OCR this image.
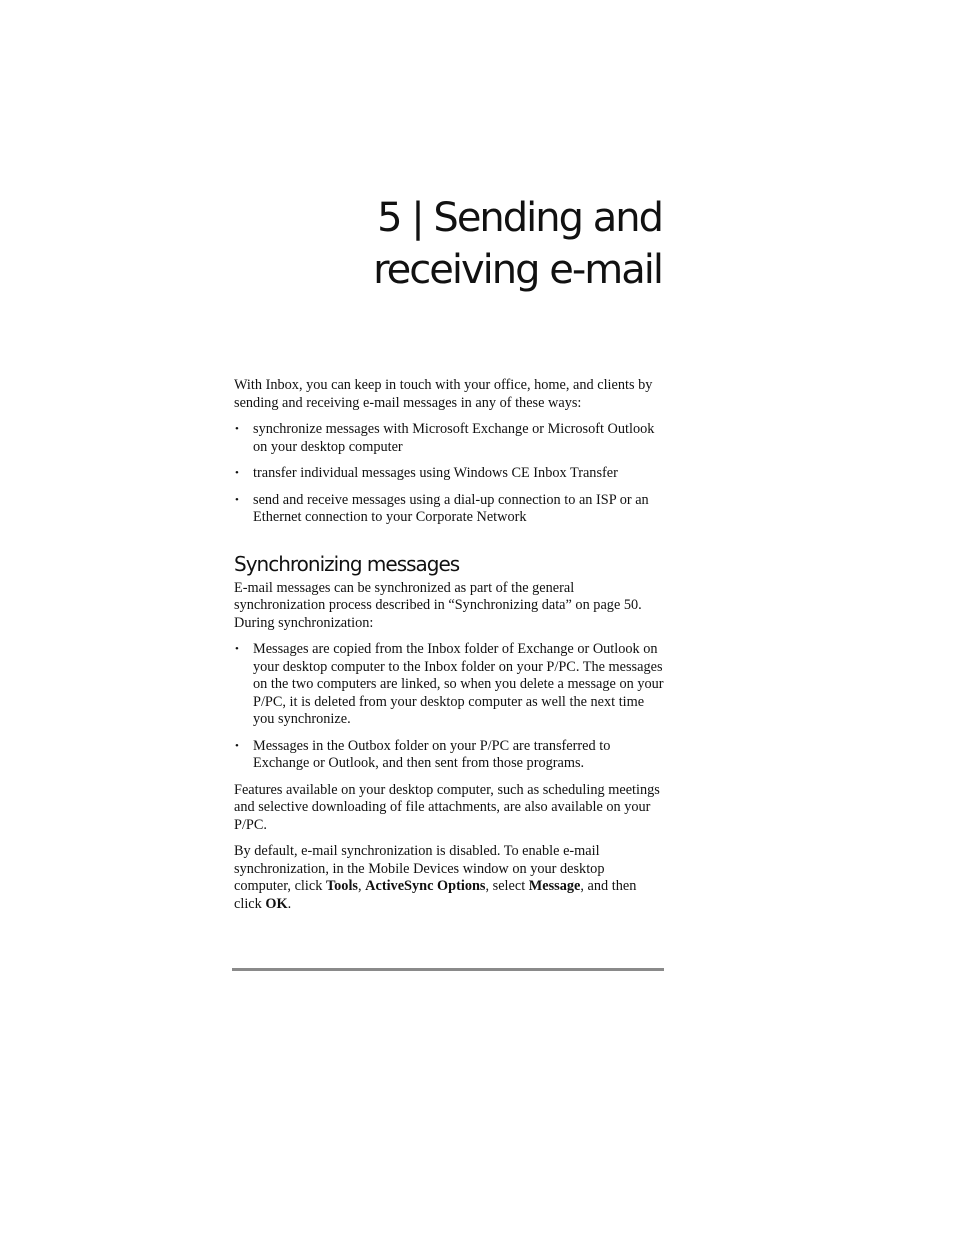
5 | Sending and
receiving e-mail

With Inbox, you can keep in touch with your office, home, and clients by sending and receiving e-mail messages in any of these ways:

• synchronize messages with Microsoft Exchange or Microsoft Outlook on your desktop computer
• transfer individual messages using Windows CE Inbox Transfer
• send and receive messages using a dial-up connection to an ISP or an Ethernet connection to your Corporate Network
Synchronizing messages

E-mail messages can be synchronized as part of the general synchronization process described in “Synchronizing data” on page 50. During synchronization:

• Messages are copied from the Inbox folder of Exchange or Outlook on your desktop computer to the Inbox folder on your P/PC. The messages on the two computers are linked, so when you delete a message on your P/PC, it is deleted from your desktop computer as well the next time you synchronize.
• Messages in the Outbox folder on your P/PC are transferred to Exchange or Outlook, and then sent from those programs.

Features available on your desktop computer, such as scheduling meetings and selective downloading of file attachments, are also available on your P/PC.

By default, e-mail synchronization is disabled. To enable e-mail synchronization, in the Mobile Devices window on your desktop computer, click Tools, ActiveSync Options, select Message, and then click OK.
